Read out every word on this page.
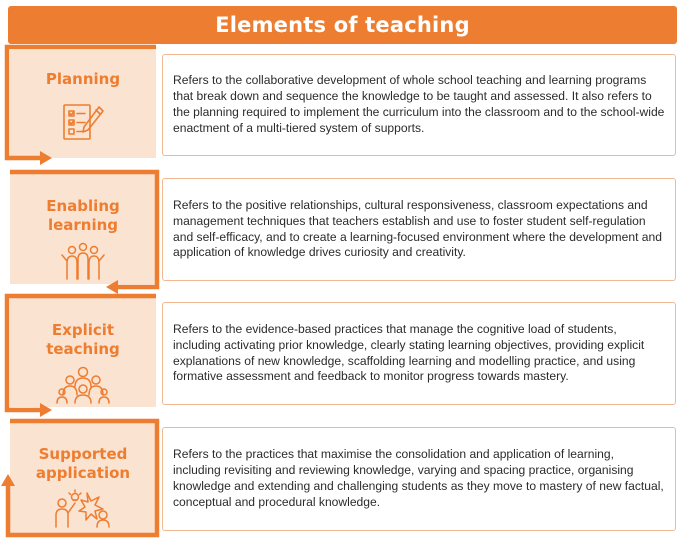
Elements of teaching
Planning	Refers to the collaborative development of whole school teaching and learning programs that break down and sequence the knowledge to be taught and assessed. It also refers to the planning required to implement the curriculum into the classroom and to the school-wide enactment of a multi-tiered system of supports.
Enabling
learning
Refers to the positive relationships, cultural responsiveness, classroom expectations and management techniques that teachers establish and use to foster student self-regulation and self-efficacy, and to create a learning-focused environment where the development and application of knowledge drives curiosity and creativity.
Explicit
teaching
Refers to the evidence-based practices that manage the cognitive load of students, including activating prior knowledge, clearly stating learning objectives, providing explicit explanations of new knowledge, scaffolding learning and modelling practice, and using formative assessment and feedback to monitor progress towards mastery.
Supported
application
Refers to the practices that maximise the consolidation and application of learning, including revisiting and reviewing knowledge, varying and spacing practice, organising knowledge and extending and challenging students as they move to mastery of new factual, conceptual and procedural knowledge.
